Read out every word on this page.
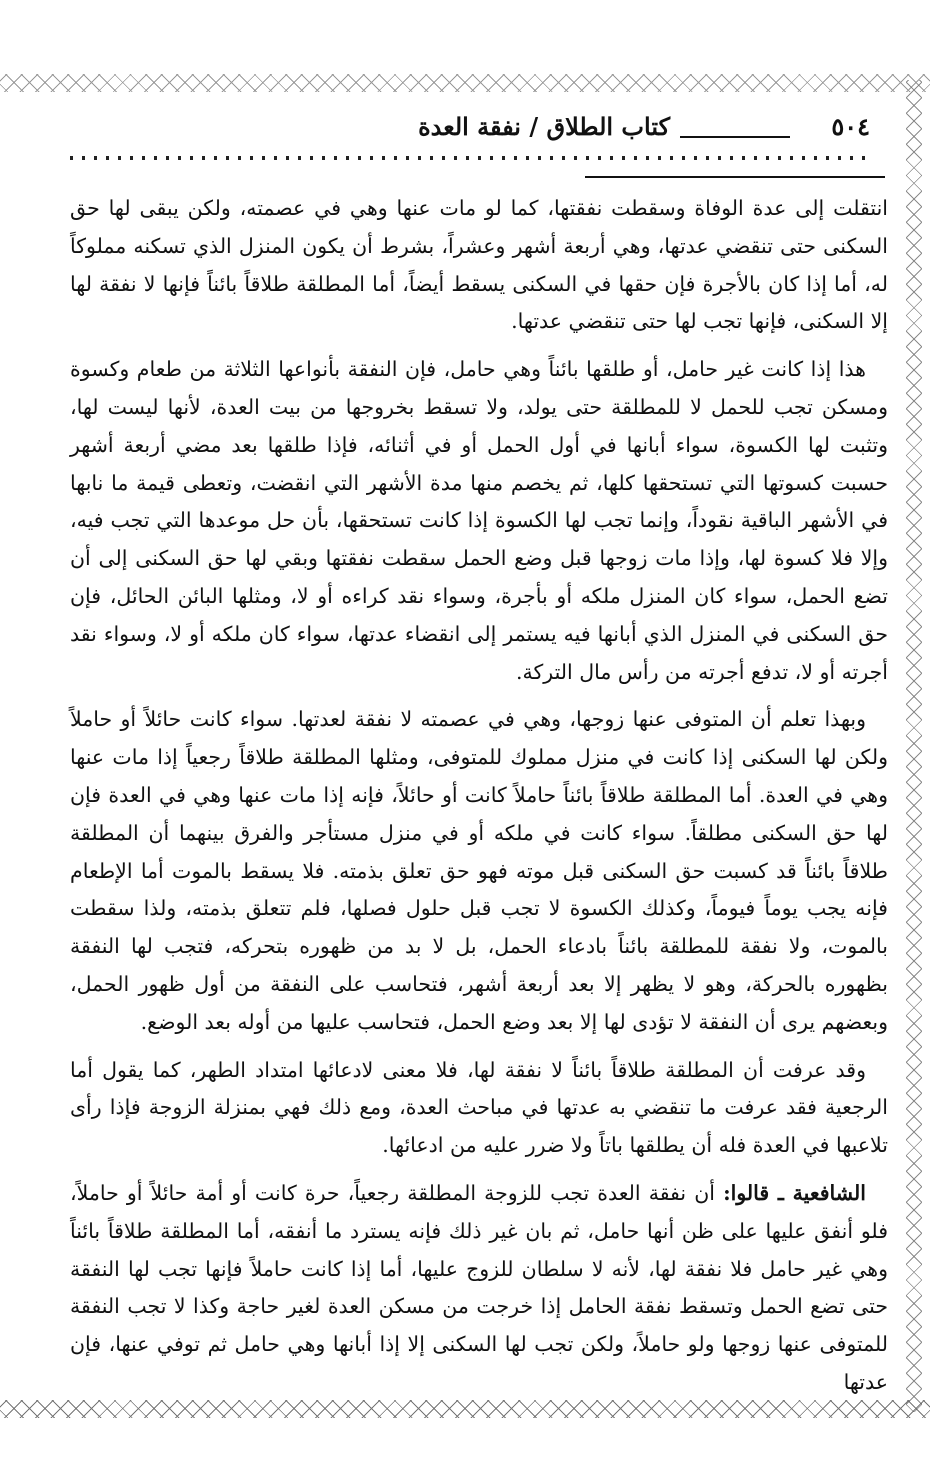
٥٠٤
كتاب الطلاق / نفقة العدة

انتقلت إلى عدة الوفاة وسقطت نفقتها، كما لو مات عنها وهي في عصمته، ولكن يبقى لها حق السكنى حتى تنقضي عدتها، وهي أربعة أشهر وعشراً، بشرط أن يكون المنزل الذي تسكنه مملوكاً له، أما إذا كان بالأجرة فإن حقها في السكنى يسقط أيضاً، أما المطلقة طلاقاً بائناً فإنها لا نفقة لها إلا السكنى، فإنها تجب لها حتى تنقضي عدتها.

هذا إذا كانت غير حامل، أو طلقها بائناً وهي حامل، فإن النفقة بأنواعها الثلاثة من طعام وكسوة ومسكن تجب للحمل لا للمطلقة حتى يولد، ولا تسقط بخروجها من بيت العدة، لأنها ليست لها، وتثبت لها الكسوة، سواء أبانها في أول الحمل أو في أثنائه، فإذا طلقها بعد مضي أربعة أشهر حسبت كسوتها التي تستحقها كلها، ثم يخصم منها مدة الأشهر التي انقضت، وتعطى قيمة ما نابها في الأشهر الباقية نقوداً، وإنما تجب لها الكسوة إذا كانت تستحقها، بأن حل موعدها التي تجب فيه، وإلا فلا كسوة لها، وإذا مات زوجها قبل وضع الحمل سقطت نفقتها وبقي لها حق السكنى إلى أن تضع الحمل، سواء كان المنزل ملكه أو بأجرة، وسواء نقد كراءه أو لا، ومثلها البائن الحائل، فإن حق السكنى في المنزل الذي أبانها فيه يستمر إلى انقضاء عدتها، سواء كان ملكه أو لا، وسواء نقد أجرته أو لا، تدفع أجرته من رأس مال التركة.

وبهذا تعلم أن المتوفى عنها زوجها، وهي في عصمته لا نفقة لعدتها. سواء كانت حائلاً أو حاملاً ولكن لها السكنى إذا كانت في منزل مملوك للمتوفى، ومثلها المطلقة طلاقاً رجعياً إذا مات عنها وهي في العدة. أما المطلقة طلاقاً بائناً حاملاً كانت أو حائلاً، فإنه إذا مات عنها وهي في العدة فإن لها حق السكنى مطلقاً. سواء كانت في ملكه أو في منزل مستأجر والفرق بينهما أن المطلقة طلاقاً بائناً قد كسبت حق السكنى قبل موته فهو حق تعلق بذمته. فلا يسقط بالموت أما الإطعام فإنه يجب يوماً فيوماً، وكذلك الكسوة لا تجب قبل حلول فصلها، فلم تتعلق بذمته، ولذا سقطت بالموت، ولا نفقة للمطلقة بائناً بادعاء الحمل، بل لا بد من ظهوره بتحركه، فتجب لها النفقة بظهوره بالحركة، وهو لا يظهر إلا بعد أربعة أشهر، فتحاسب على النفقة من أول ظهور الحمل، وبعضهم يرى أن النفقة لا تؤدى لها إلا بعد وضع الحمل، فتحاسب عليها من أوله بعد الوضع.

وقد عرفت أن المطلقة طلاقاً بائناً لا نفقة لها، فلا معنى لادعائها امتداد الطهر، كما يقول أما الرجعية فقد عرفت ما تنقضي به عدتها في مباحث العدة، ومع ذلك فهي بمنزلة الزوجة فإذا رأى تلاعبها في العدة فله أن يطلقها باتاً ولا ضرر عليه من ادعائها.

الشافعية ـ قالوا: أن نفقة العدة تجب للزوجة المطلقة رجعياً، حرة كانت أو أمة حائلاً أو حاملاً، فلو أنفق عليها على ظن أنها حامل، ثم بان غير ذلك فإنه يسترد ما أنفقه، أما المطلقة طلاقاً بائناً وهي غير حامل فلا نفقة لها، لأنه لا سلطان للزوج عليها، أما إذا كانت حاملاً فإنها تجب لها النفقة حتى تضع الحمل وتسقط نفقة الحامل إذا خرجت من مسكن العدة لغير حاجة وكذا لا تجب النفقة للمتوفى عنها زوجها ولو حاملاً، ولكن تجب لها السكنى إلا إذا أبانها وهي حامل ثم توفي عنها، فإن عدتها
